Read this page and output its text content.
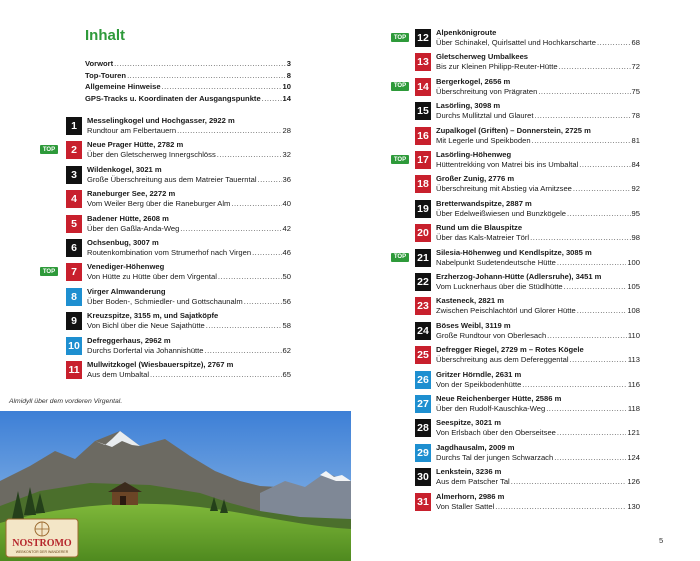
Inhalt
Vorwort .....	3
Top-Touren .....	8
Allgemeine Hinweise .....	10
GPS-Tracks u. Koordinaten der Ausgangspunkte .....	14
1	Messelingkogel und Hochgasser, 2922 m
Rundtour am Felbertauern .....	28
2	Neue Prager Hütte, 2782 m
Über den Gletscherweg Innergschlöss .....	32
TOP
3	Wildenkogel, 3021 m
Große Überschreitung aus dem Matreier Tauerntal .....	36
4	Raneburger See, 2272 m
Vom Weiler Berg über die Raneburger Alm .....	40
5	Badener Hütte, 2608 m
Über den Gaßla-Anda-Weg .....	42
6	Ochsenbug, 3007 m
Routenkombination vom Strumerhof nach Virgen .....	46
7	Venediger-Höhenweg
Von Hütte zu Hütte über dem Virgental .....	50
TOP
8	Virger Almwanderung
Über Boden-, Schmiedler- und Gottschaunalm .....	56
9	Kreuzspitze, 3155 m, und Sajatköpfe
Von Bichl über die Neue Sajathütte .....	58
10 Defreggerhaus, 2962 m
Durchs Dorfertal via Johannishütte .....	62
11 Mullwitzkogel (Wiesbauerspitze), 2767 m
Aus dem Umbaltal .....	65
12 Alpenkönigroute
Über Schinakel, Quirlsattel und Hochkarscharte .....	68
TOP
13 Gletscherweg Umbalkees
Bis zur Kleinen Philipp-Reuter-Hütte .....	72
14 Bergerkogel, 2656 m
Überschreitung von Prägraten .....	75
TOP
15 Lasörling, 3098 m
Durchs Mullitztal und Glauret .....	78
16 Zupalkogel (Griften) – Donnerstein, 2725 m
Mit Legerle und Speikboden .....	81
17 Lasörling-Höhenweg
Hüttentrekking von Matrei bis ins Umbaltal .....	84
TOP
18 Großer Zunig, 2776 m
Überschreitung mit Abstieg via Arnitzsee .....	92
19 Bretterwandspitze, 2887 m
Über Edelweißwiesen und Bunzkögele .....	95
20 Rund um die Blauspitze
Über das Kals-Matreier Törl .....	98
21 Silesia-Höhenweg und Kendlspitze, 3085 m
Nabelpunkt Sudetendeutsche Hütte .....	100
TOP
22 Erzherzog-Johann-Hütte (Adlersruhe), 3451 m
Vom Lucknerhaus über die Stüdlhütte .....	105
23 Kasteneck, 2821 m
Zwischen Peischlachtörl und Glorer Hütte .....	108
24 Böses Weibl, 3119 m
Große Rundtour von Oberlesach .....	110
25 Defregger Riegel, 2729 m – Rotes Kögele
Überschreitung aus dem Defereggental .....	113
26 Gritzer Hörndle, 2631 m
Von der Speikbodenhütte .....	116
27 Neue Reichenberger Hütte, 2586 m
Über den Rudolf-Kauschka-Weg .....	118
28 Seespitze, 3021 m
Von Erlsbach über den Oberseitsee .....	121
29 Jagdhausalm, 2009 m
Durchs Tal der jungen Schwarzach .....	124
30 Lenkstein, 3236 m
Aus dem Patscher Tal .....	126
31 Almerhorn, 2986 m
Von Staller Sattel .....	130
Almidyll über dem vorderen Virgental.
NOSTROMO
WEBKONTOR DER WANDERER
5
